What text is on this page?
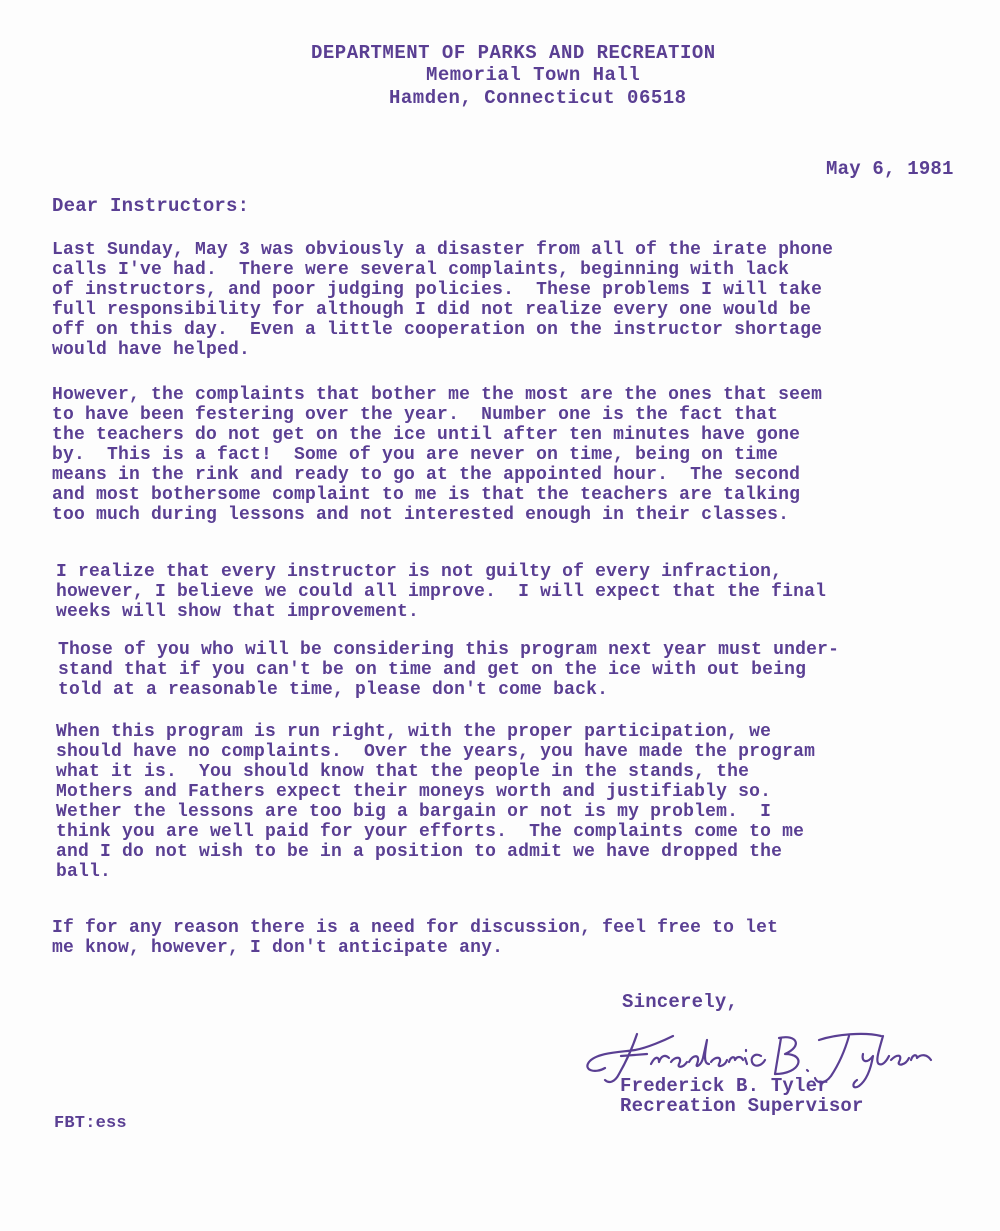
DEPARTMENT OF PARKS AND RECREATION
Memorial Town Hall
Hamden, Connecticut 06518
May 6, 1981
Dear Instructors:
Last Sunday, May 3 was obviously a disaster from all of the irate phone
calls I've had.  There were several complaints, beginning with lack
of instructors, and poor judging policies.  These problems I will take
full responsibility for although I did not realize every one would be
off on this day.  Even a little cooperation on the instructor shortage
would have helped.
However, the complaints that bother me the most are the ones that seem
to have been festering over the year.  Number one is the fact that
the teachers do not get on the ice until after ten minutes have gone
by.  This is a fact!  Some of you are never on time, being on time
means in the rink and ready to go at the appointed hour.  The second
and most bothersome complaint to me is that the teachers are talking
too much during lessons and not interested enough in their classes.
I realize that every instructor is not guilty of every infraction,
however, I believe we could all improve.  I will expect that the final
weeks will show that improvement.
Those of you who will be considering this program next year must under-
stand that if you can't be on time and get on the ice with out being
told at a reasonable time, please don't come back.
When this program is run right, with the proper participation, we
should have no complaints.  Over the years, you have made the program
what it is.  You should know that the people in the stands, the
Mothers and Fathers expect their moneys worth and justifiably so.
Wether the lessons are too big a bargain or not is my problem.  I
think you are well paid for your efforts.  The complaints come to me
and I do not wish to be in a position to admit we have dropped the
ball.
If for any reason there is a need for discussion, feel free to let
me know, however, I don't anticipate any.
Sincerely,
Frederick B. Tyler
Recreation Supervisor
FBT:ess
